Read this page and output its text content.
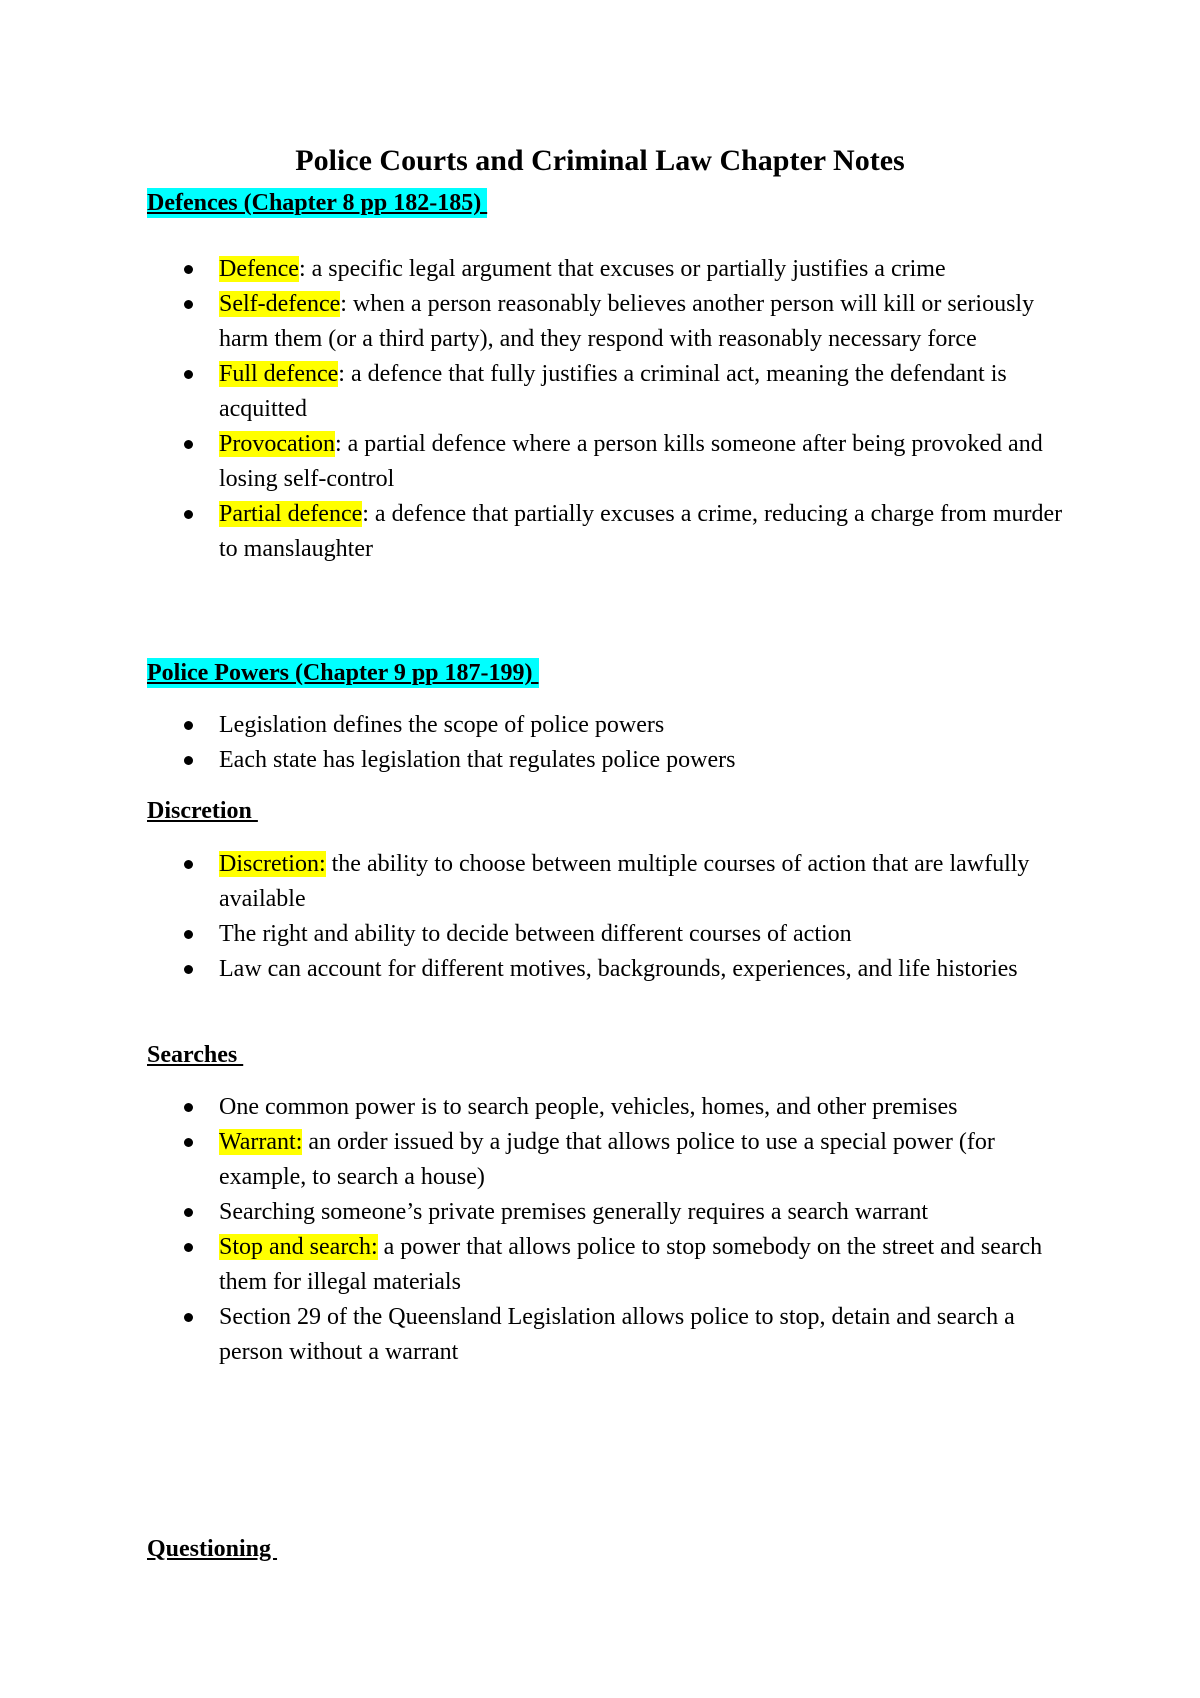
Police Courts and Criminal Law Chapter Notes
Defences (Chapter 8 pp 182-185)
Defence: a specific legal argument that excuses or partially justifies a crime
Self-defence: when a person reasonably believes another person will kill or seriously harm them (or a third party), and they respond with reasonably necessary force
Full defence: a defence that fully justifies a criminal act, meaning the defendant is acquitted
Provocation: a partial defence where a person kills someone after being provoked and losing self-control
Partial defence: a defence that partially excuses a crime, reducing a charge from murder to manslaughter
Police Powers (Chapter 9 pp 187-199)
Legislation defines the scope of police powers
Each state has legislation that regulates police powers
Discretion
Discretion: the ability to choose between multiple courses of action that are lawfully available
The right and ability to decide between different courses of action
Law can account for different motives, backgrounds, experiences, and life histories
Searches
One common power is to search people, vehicles, homes, and other premises
Warrant: an order issued by a judge that allows police to use a special power (for example, to search a house)
Searching someone’s private premises generally requires a search warrant
Stop and search: a power that allows police to stop somebody on the street and search them for illegal materials
Section 29 of the Queensland Legislation allows police to stop, detain and search a person without a warrant
Questioning
